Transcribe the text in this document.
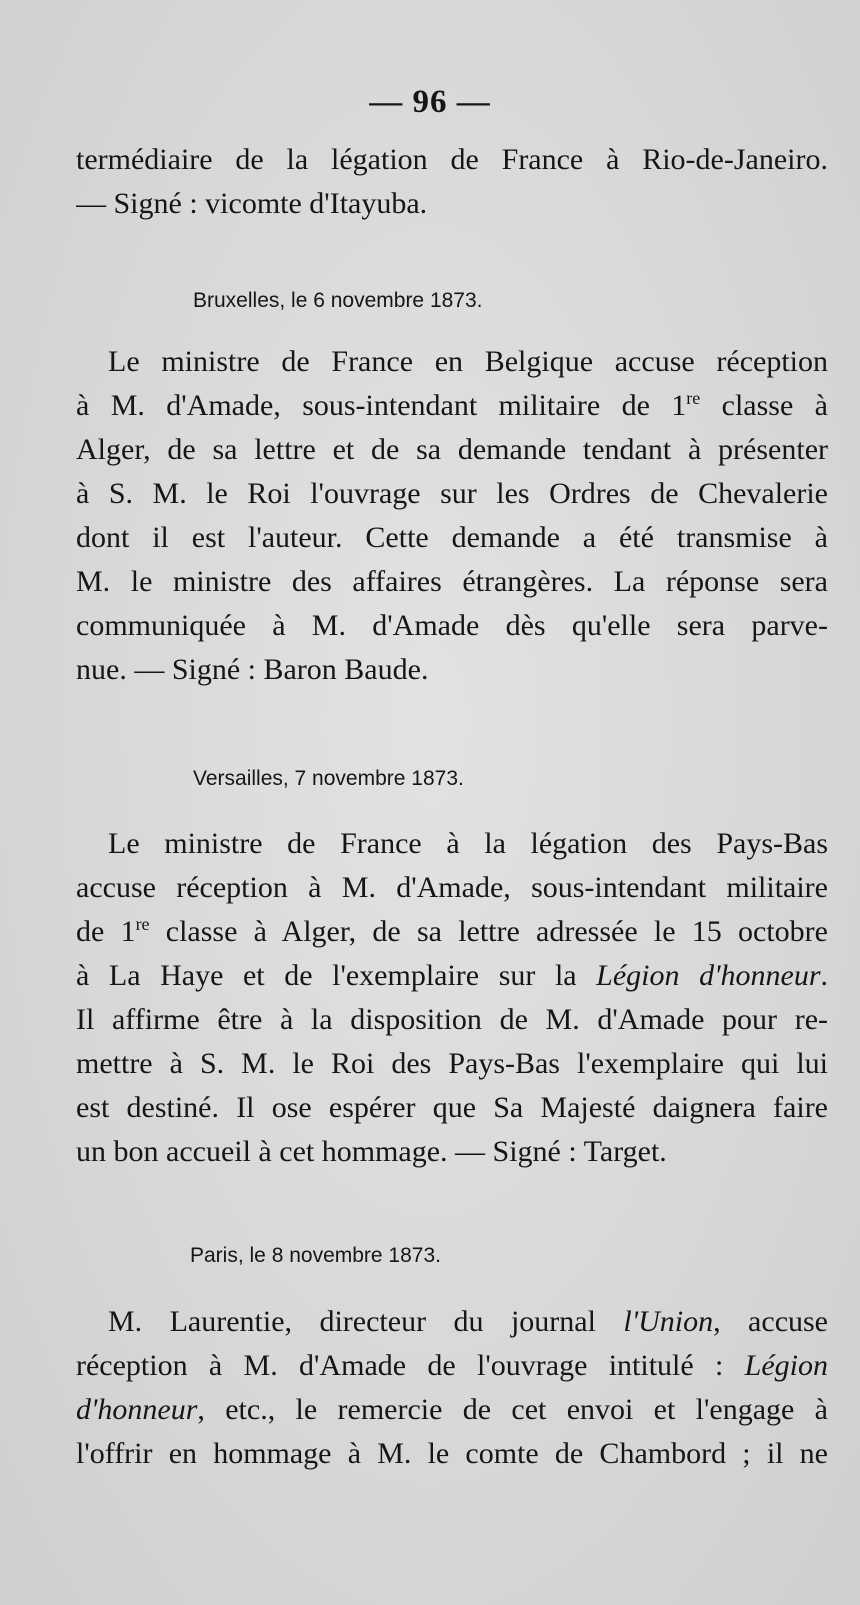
— 96 —
termédiaire de la légation de France à Rio-de-Janeiro.
— Signé : vicomte d'Itayuba.
Bruxelles, le 6 novembre 1873.
Le ministre de France en Belgique accuse réception
à M. d'Amade, sous-intendant militaire de 1re classe à
Alger, de sa lettre et de sa demande tendant à présenter
à S. M. le Roi l'ouvrage sur les Ordres de Chevalerie
dont il est l'auteur. Cette demande a été transmise à
M. le ministre des affaires étrangères. La réponse sera
communiquée à M. d'Amade dès qu'elle sera parve-
nue. — Signé : Baron Baude.
Versailles, 7 novembre 1873.
Le ministre de France à la légation des Pays-Bas
accuse réception à M. d'Amade, sous-intendant militaire
de 1re classe à Alger, de sa lettre adressée le 15 octobre
à La Haye et de l'exemplaire sur la Légion d'honneur.
Il affirme être à la disposition de M. d'Amade pour re-
mettre à S. M. le Roi des Pays-Bas l'exemplaire qui lui
est destiné. Il ose espérer que Sa Majesté daignera faire
un bon accueil à cet hommage. — Signé : Target.
Paris, le 8 novembre 1873.
M. Laurentie, directeur du journal l'Union, accuse
réception à M. d'Amade de l'ouvrage intitulé : Légion
d'honneur, etc., le remercie de cet envoi et l'engage à
l'offrir en hommage à M. le comte de Chambord ; il ne
